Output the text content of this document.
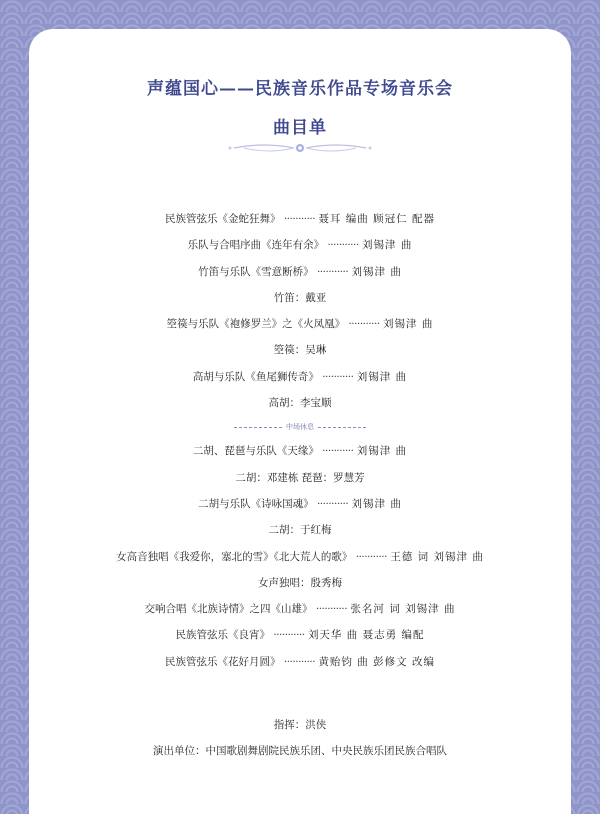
声蕴国心——民族音乐作品专场音乐会
曲目单
民族管弦乐《金蛇狂舞》 ··········· 聂耳 编曲 顾冠仁 配器
乐队与合唱序曲《连年有余》 ··········· 刘锡津 曲
竹笛与乐队《雪意断桥》 ··········· 刘锡津 曲
竹笛：戴亚
箜篌与乐队《袍修罗兰》之《火凤凰》 ··········· 刘锡津 曲
箜篌：吴琳
高胡与乐队《鱼尾狮传奇》 ··········· 刘锡津 曲
高胡：李宝顺
中场休息
二胡、琵琶与乐队《天缘》 ··········· 刘锡津 曲
二胡：邓建栋 琵琶：罗慧芳
二胡与乐队《诗咏国魂》 ··········· 刘锡津 曲
二胡：于红梅
女高音独唱《我爱你，塞北的雪》《北大荒人的歌》 ··········· 王德 词 刘锡津 曲
女声独唱：殷秀梅
交响合唱《北族诗情》之四《山雄》 ··········· 张名河 词 刘锡津 曲
民族管弦乐《良宵》 ··········· 刘天华 曲 聂志勇 编配
民族管弦乐《花好月圆》 ··········· 黄贻钧 曲 彭修文 改编
指挥：洪侠
演出单位：中国歌剧舞剧院民族乐团、中央民族乐团民族合唱队
